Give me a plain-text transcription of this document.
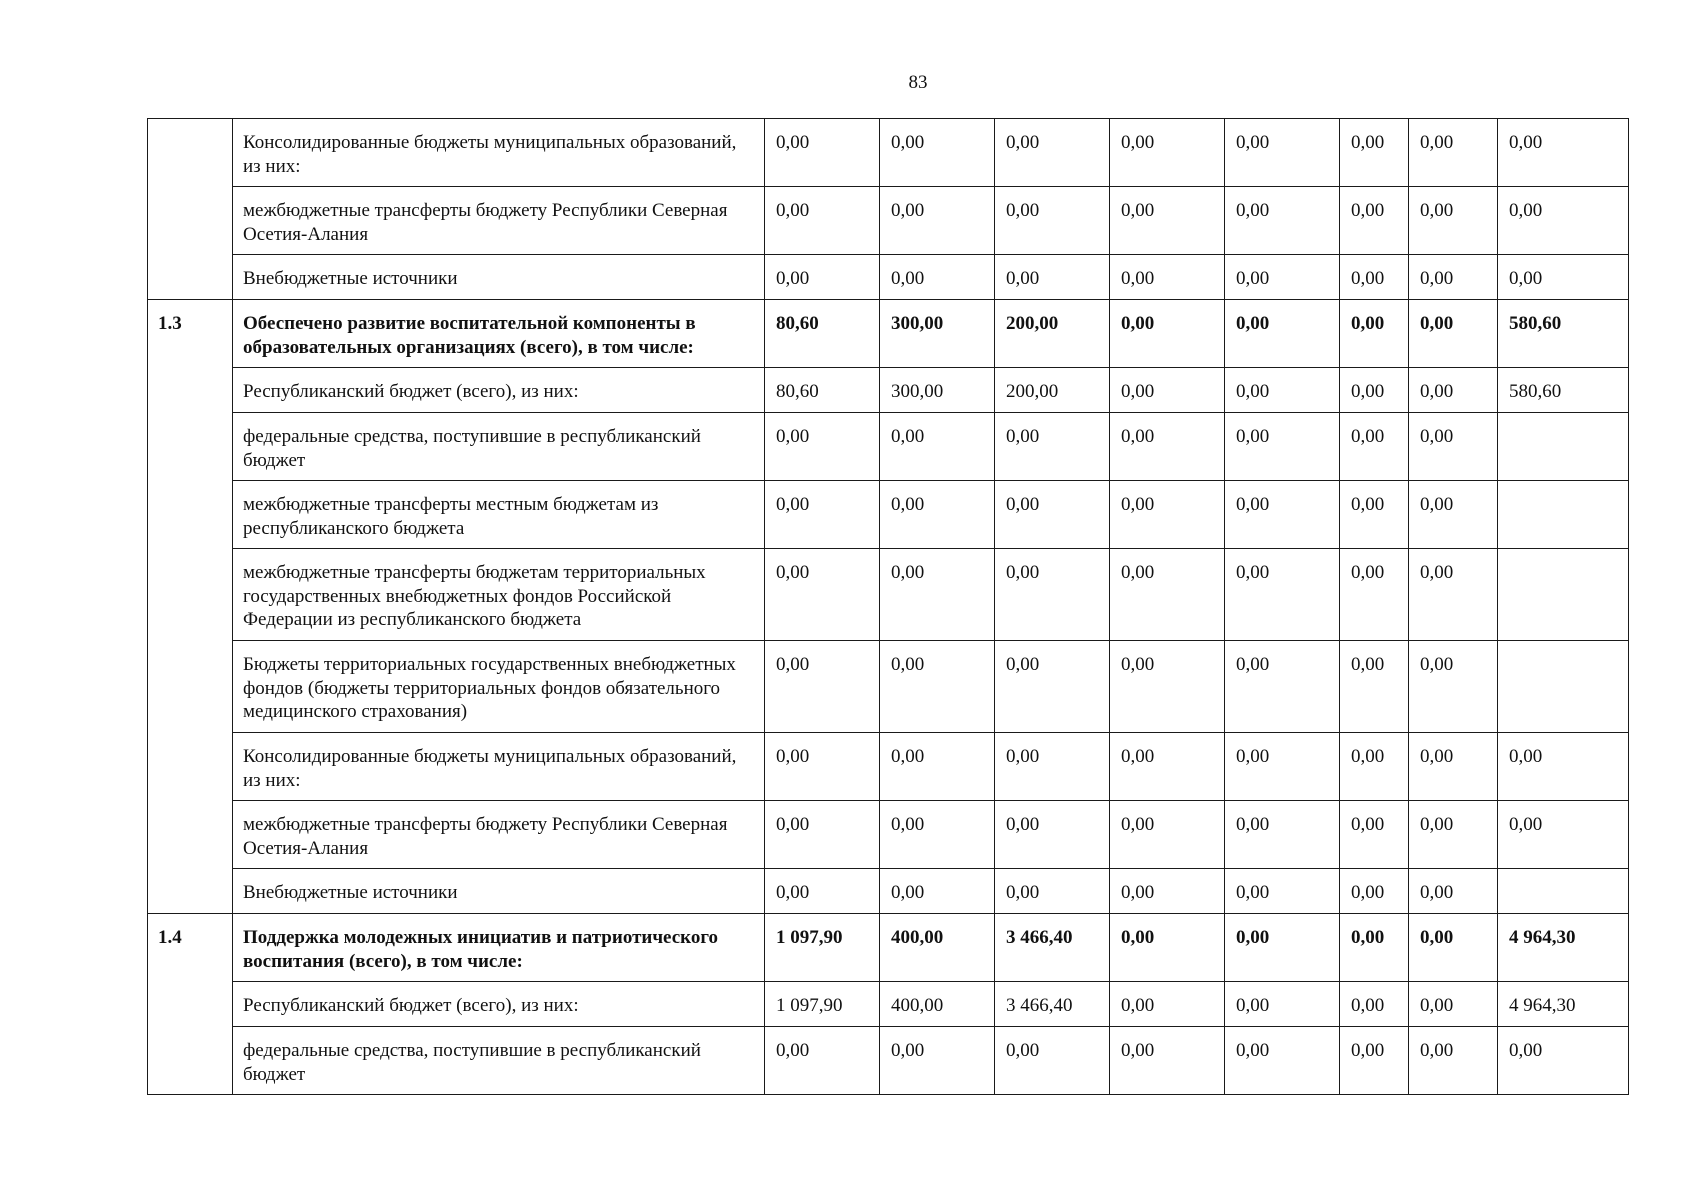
83
	Консолидированные бюджеты муниципальных образований, из них:	0,00	0,00	0,00	0,00	0,00	0,00	0,00	0,00
	межбюджетные трансферты бюджету Республики Северная Осетия-Алания	0,00	0,00	0,00	0,00	0,00	0,00	0,00	0,00
	Внебюджетные источники	0,00	0,00	0,00	0,00	0,00	0,00	0,00	0,00
1.3	Обеспечено развитие воспитательной компоненты в образовательных организациях (всего), в том числе:	80,60	300,00	200,00	0,00	0,00	0,00	0,00	580,60
	Республиканский бюджет (всего), из них:	80,60	300,00	200,00	0,00	0,00	0,00	0,00	580,60
	федеральные средства, поступившие в республиканский бюджет	0,00	0,00	0,00	0,00	0,00	0,00	0,00	
	межбюджетные трансферты местным бюджетам из республиканского бюджета	0,00	0,00	0,00	0,00	0,00	0,00	0,00	
	межбюджетные трансферты бюджетам территориальных государственных внебюджетных фондов Российской Федерации из республиканского бюджета	0,00	0,00	0,00	0,00	0,00	0,00	0,00	
	Бюджеты территориальных государственных внебюджетных фондов (бюджеты территориальных фондов обязательного медицинского страхования)	0,00	0,00	0,00	0,00	0,00	0,00	0,00	
	Консолидированные бюджеты муниципальных образований, из них:	0,00	0,00	0,00	0,00	0,00	0,00	0,00	0,00
	межбюджетные трансферты бюджету Республики Северная Осетия-Алания	0,00	0,00	0,00	0,00	0,00	0,00	0,00	0,00
	Внебюджетные источники	0,00	0,00	0,00	0,00	0,00	0,00	0,00	
1.4	Поддержка молодежных инициатив и патриотического воспитания (всего), в том числе:	1 097,90	400,00	3 466,40	0,00	0,00	0,00	0,00	4 964,30
	Республиканский бюджет (всего), из них:	1 097,90	400,00	3 466,40	0,00	0,00	0,00	0,00	4 964,30
	федеральные средства, поступившие в республиканский бюджет	0,00	0,00	0,00	0,00	0,00	0,00	0,00	0,00
